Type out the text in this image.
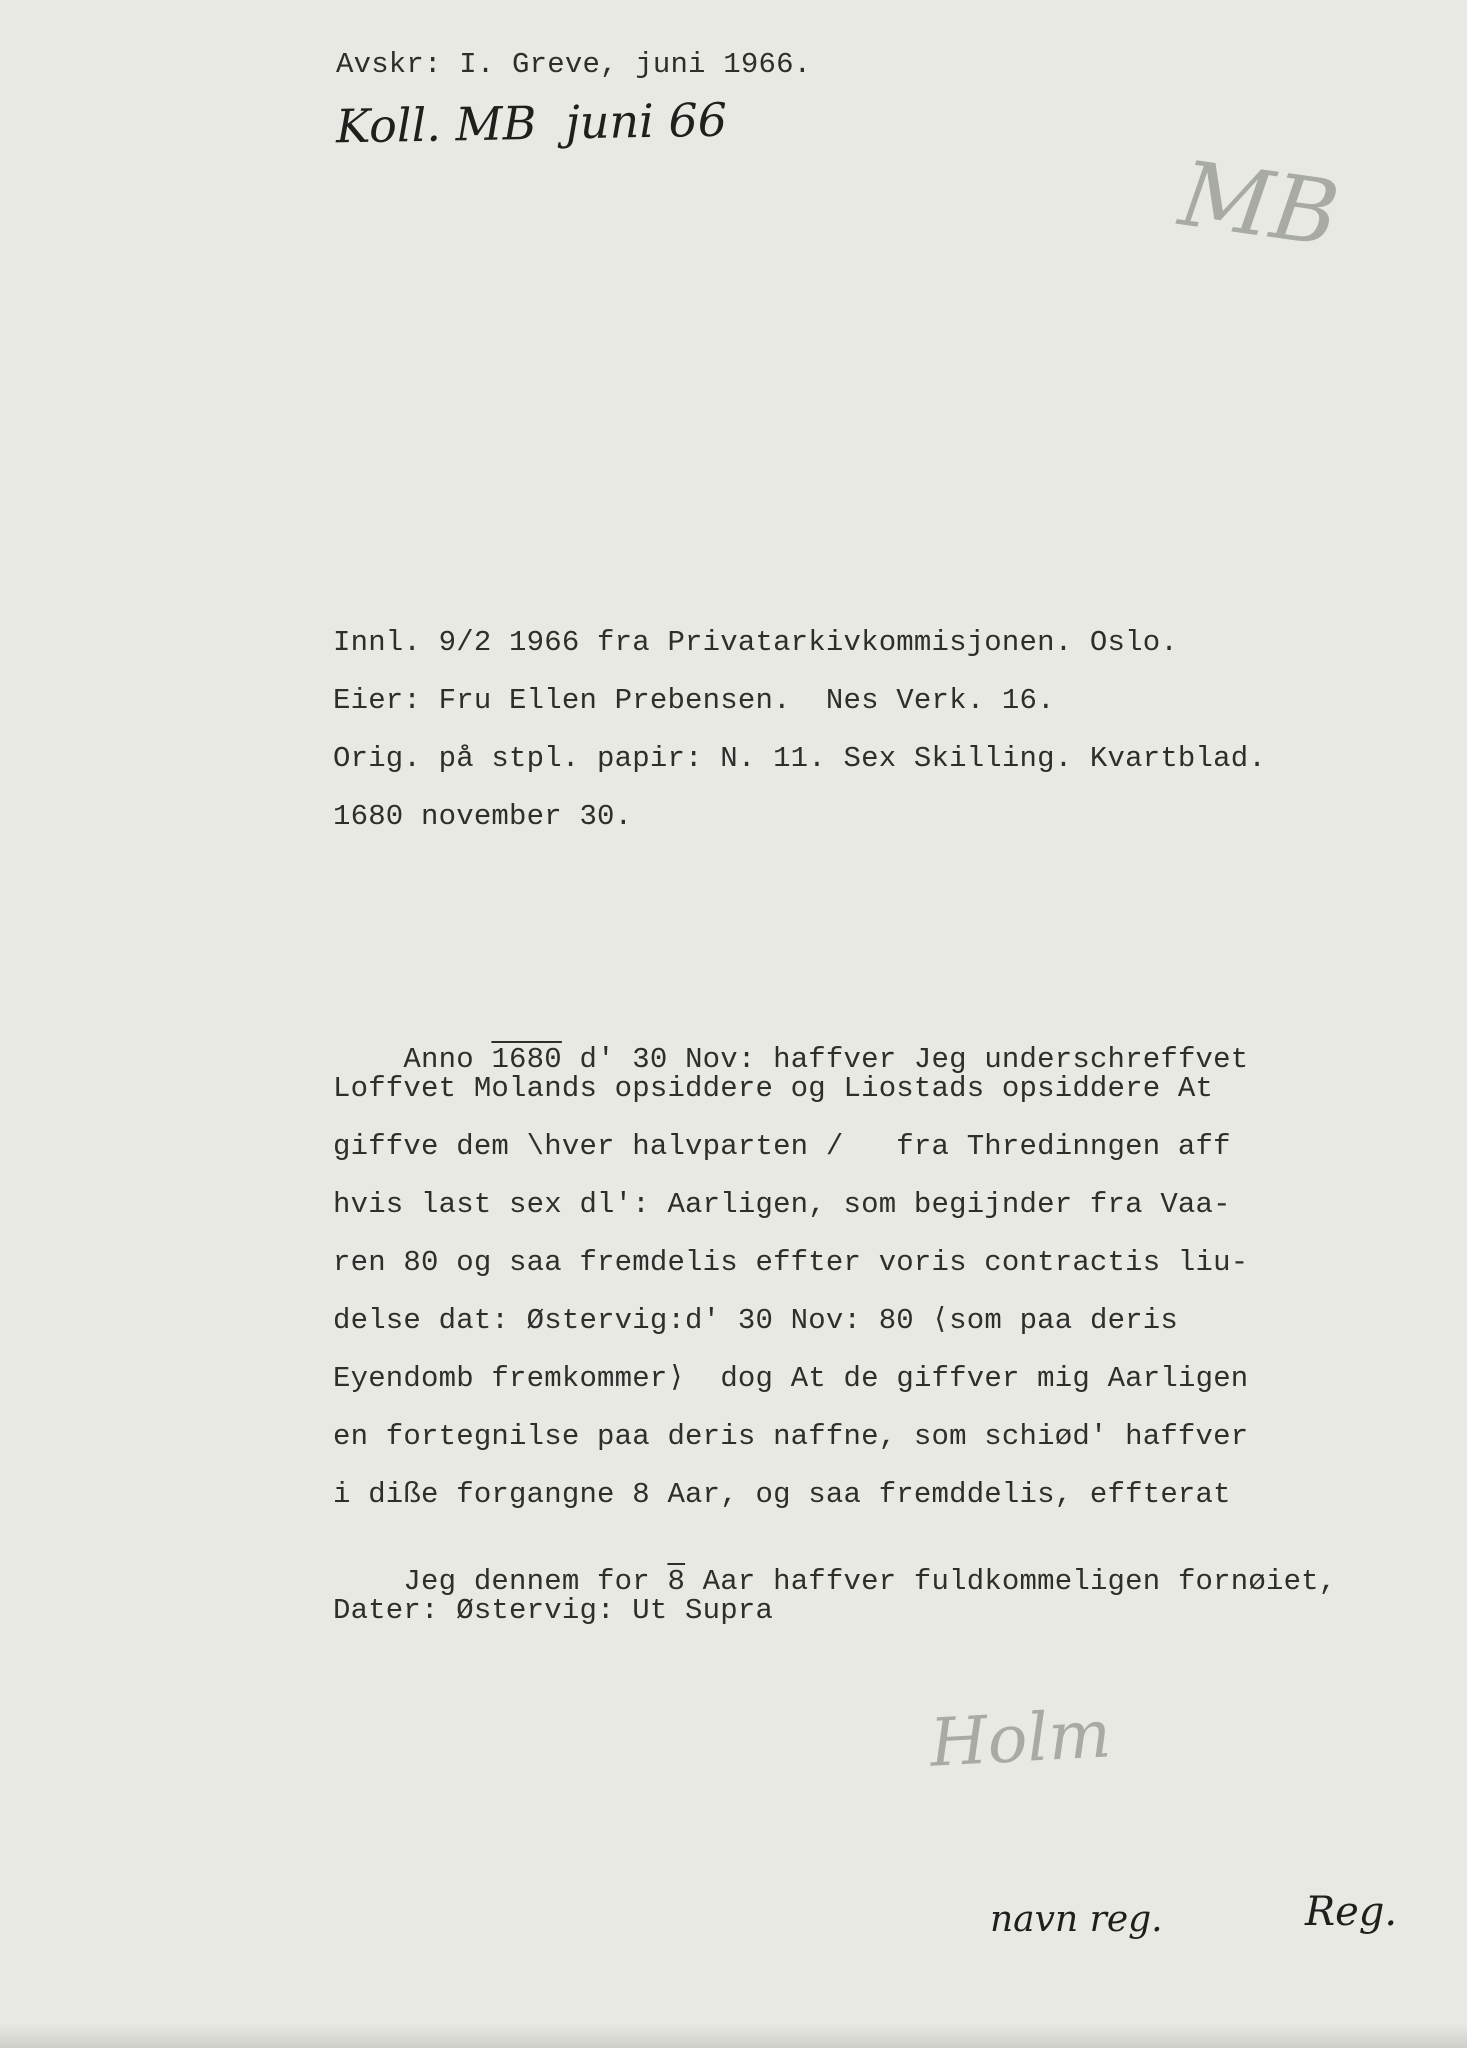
Avskr: I. Greve, juni 1966.
Koll. MB  juni 66
MB
Innl. 9/2 1966 fra Privatarkivkommisjonen. Oslo.
Eier: Fru Ellen Prebensen.  Nes Verk. 16.
Orig. på stpl. papir: N. 11. Sex Skilling. Kvartblad.
1680 november 30.

Anno 1680 d' 30 Nov: haffver Jeg underschreffvet

Loffvet Molands opsiddere og Liostads opsiddere At
giffve dem \hver halvparten /   fra Thredinngen aff
hvis last sex dl': Aarligen, som begijnder fra Vaa-
ren 80 og saa fremdelis effter voris contractis liu-
delse dat: Østervig:d' 30 Nov: 80 ⟨som paa deris
Eyendomb fremkommer⟩  dog At de giffver mig Aarligen
en fortegnilse paa deris naffne, som schiød' haffver
i diße forgangne 8 Aar, og saa fremddelis, effterat

Jeg dennem for 8 Aar haffver fuldkommeligen fornøiet,

Dater: Østervig: Ut Supra
Holm
navn reg.	Reg.
